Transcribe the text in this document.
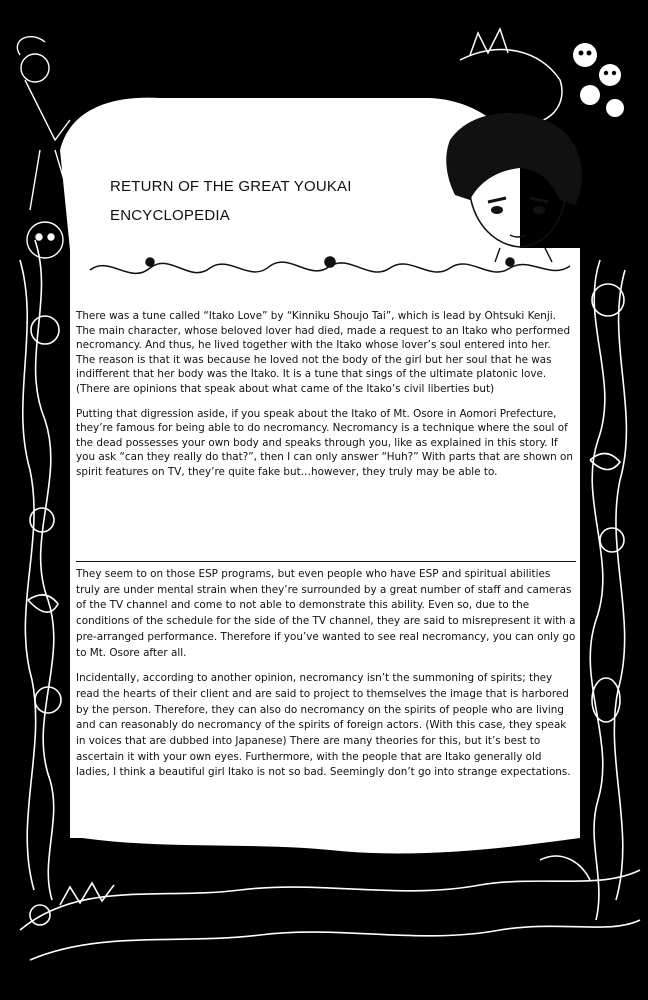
RETURN OF THE GREAT YOUKAI
ENCYCLOPEDIA

There was a tune called “Itako Love” by “Kinniku Shoujo Tai”, which is lead by Ohtsuki Kenji. The main character, whose beloved lover had died, made a request to an Itako who performed necromancy. And thus, he lived together with the Itako whose lover’s soul entered into her. The reason is that it was because he loved not the body of the girl but her soul that he was indifferent that her body was the Itako. It is a tune that sings of the ultimate platonic love. (There are opinions that speak about what came of the Itako’s civil liberties but)

Putting that digression aside, if you speak about the Itako of Mt. Osore in Aomori Prefecture, they’re famous for being able to do necromancy. Necromancy is a technique where the soul of the dead possesses your own body and speaks through you, like as explained in this story. If you ask “can they really do that?”, then I can only answer “Huh?” With parts that are shown on spirit features on TV, they’re quite fake but…however, they truly may be able to.

They seem to on those ESP programs, but even people who have ESP and spiritual abilities truly are under mental strain when they’re surrounded by a great number of staff and cameras of the TV channel and come to not able to demonstrate this ability. Even so, due to the conditions of the schedule for the side of the TV channel, they are said to misrepresent it with a pre-arranged performance. Therefore if you’ve wanted to see real necromancy, you can only go to Mt. Osore after all.

Incidentally, according to another opinion, necromancy isn’t the summoning of spirits; they read the hearts of their client and are said to project to themselves the image that is harbored by the person. Therefore, they can also do necromancy on the spirits of people who are living and can reasonably do necromancy of the spirits of foreign actors. (With this case, they speak in voices that are dubbed into Japanese) There are many theories for this, but it’s best to ascertain it with your own eyes. Furthermore, with the people that are Itako generally old ladies, I think a beautiful girl Itako is not so bad. Seemingly don’t go into strange expectations.
